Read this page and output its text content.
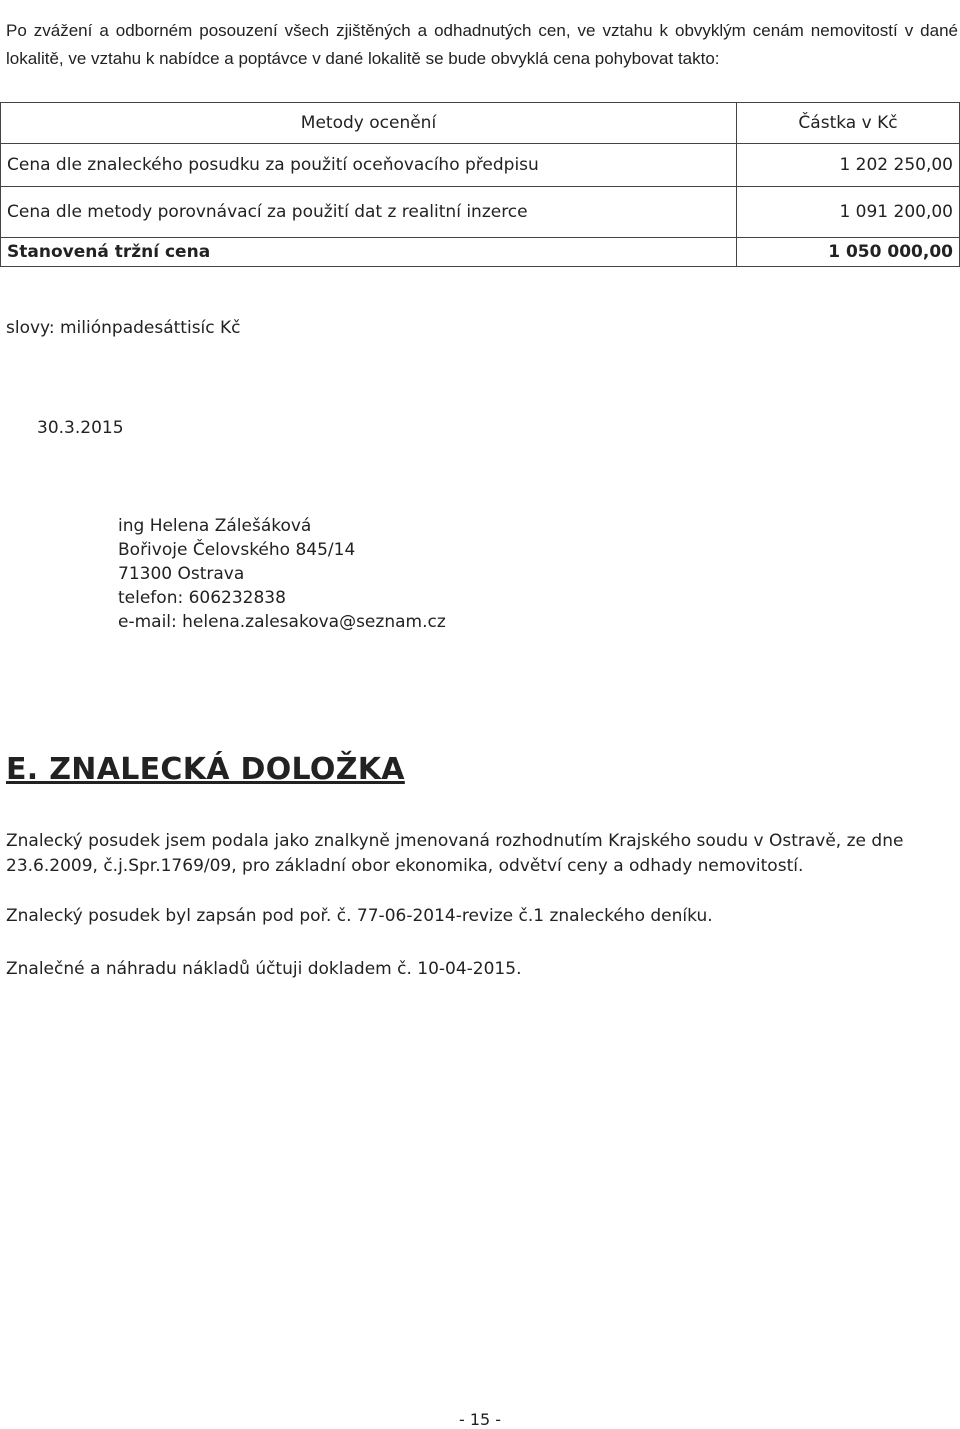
Po zvážení a odborném posouzení všech zjištěných a odhadnutých cen, ve vztahu k obvyklým cenám nemovitostí v dané lokalitě, ve vztahu k nabídce a poptávce v dané lokalitě se bude obvyklá cena pohybovat takto:

Metody ocenění	Částka v Kč
Cena dle znaleckého posudku za použití oceňovacího předpisu	1 202 250,00
Cena dle metody porovnávací za použití dat z realitní inzerce	1 091 200,00
Stanovená tržní cena	1 050 000,00
slovy: miliónpadesáttisíc Kč
30.3.2015
ing Helena Zálešáková
Bořivoje Čelovského 845/14
71300 Ostrava
telefon: 606232838
e-mail: helena.zalesakova@seznam.cz
E. ZNALECKÁ DOLOŽKA

Znalecký posudek jsem podala jako znalkyně jmenovaná rozhodnutím Krajského soudu v Ostravě, ze dne 23.6.2009, č.j.Spr.1769/09, pro základní obor ekonomika, odvětví ceny a odhady nemovitostí.

Znalecký posudek byl zapsán pod poř. č. 77-06-2014-revize č.1 znaleckého deníku.

Znalečné a náhradu nákladů účtuji dokladem č. 10-04-2015.

- 15 -
